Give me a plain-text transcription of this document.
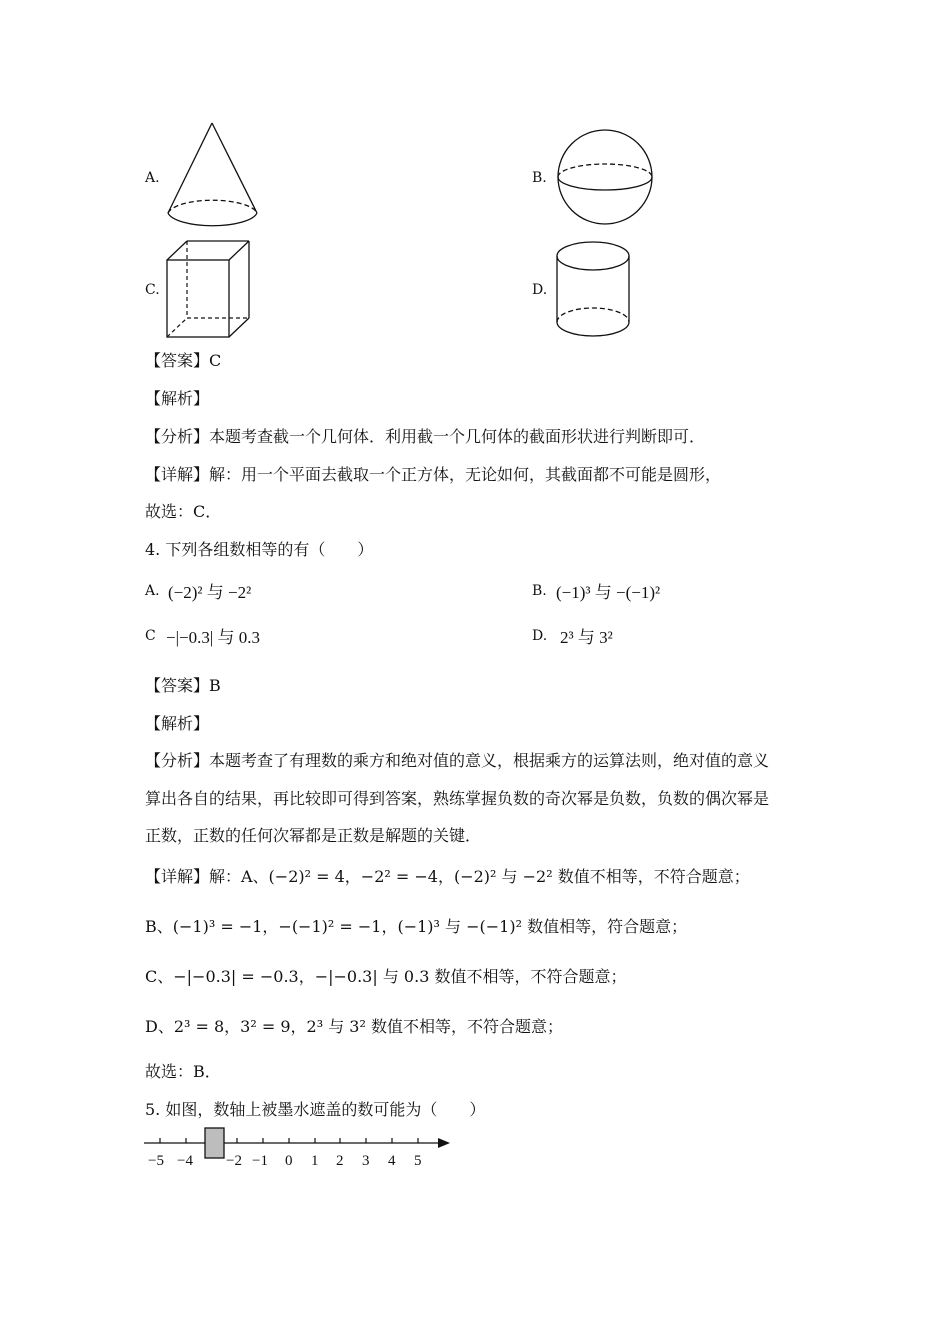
A.	B.
C.	D.
【答案】C
【解析】
【分析】本题考查截一个几何体．利用截一个几何体的截面形状进行判断即可．
【详解】解：用一个平面去截取一个正方体，无论如何，其截面都不可能是圆形，
故选：C．
4. 下列各组数相等的有（　　）
A. (−2)² 与 −2²	B. (−1)³ 与 −(−1)²
C −|−0.3| 与 0.3	D. 2³ 与 3²
【答案】B
【解析】
【分析】本题考查了有理数的乘方和绝对值的意义，根据乘方的运算法则，绝对值的意义
算出各自的结果，再比较即可得到答案，熟练掌握负数的奇次幂是负数，负数的偶次幂是
正数，正数的任何次幂都是正数是解题的关键．
【详解】解：A、(−2)² = 4，−2² = −4，(−2)² 与 −2² 数值不相等，不符合题意；
B、(−1)³ = −1，−(−1)² = −1，(−1)³ 与 −(−1)² 数值相等，符合题意；
C、−|−0.3| = −0.3，−|−0.3| 与 0.3 数值不相等，不符合题意；
D、2³ = 8，3² = 9，2³ 与 3² 数值不相等，不符合题意；
故选：B．
5. 如图，数轴上被墨水遮盖的数可能为（　　）
−5 −4 −2 −1 0 1 2 3 4 5
